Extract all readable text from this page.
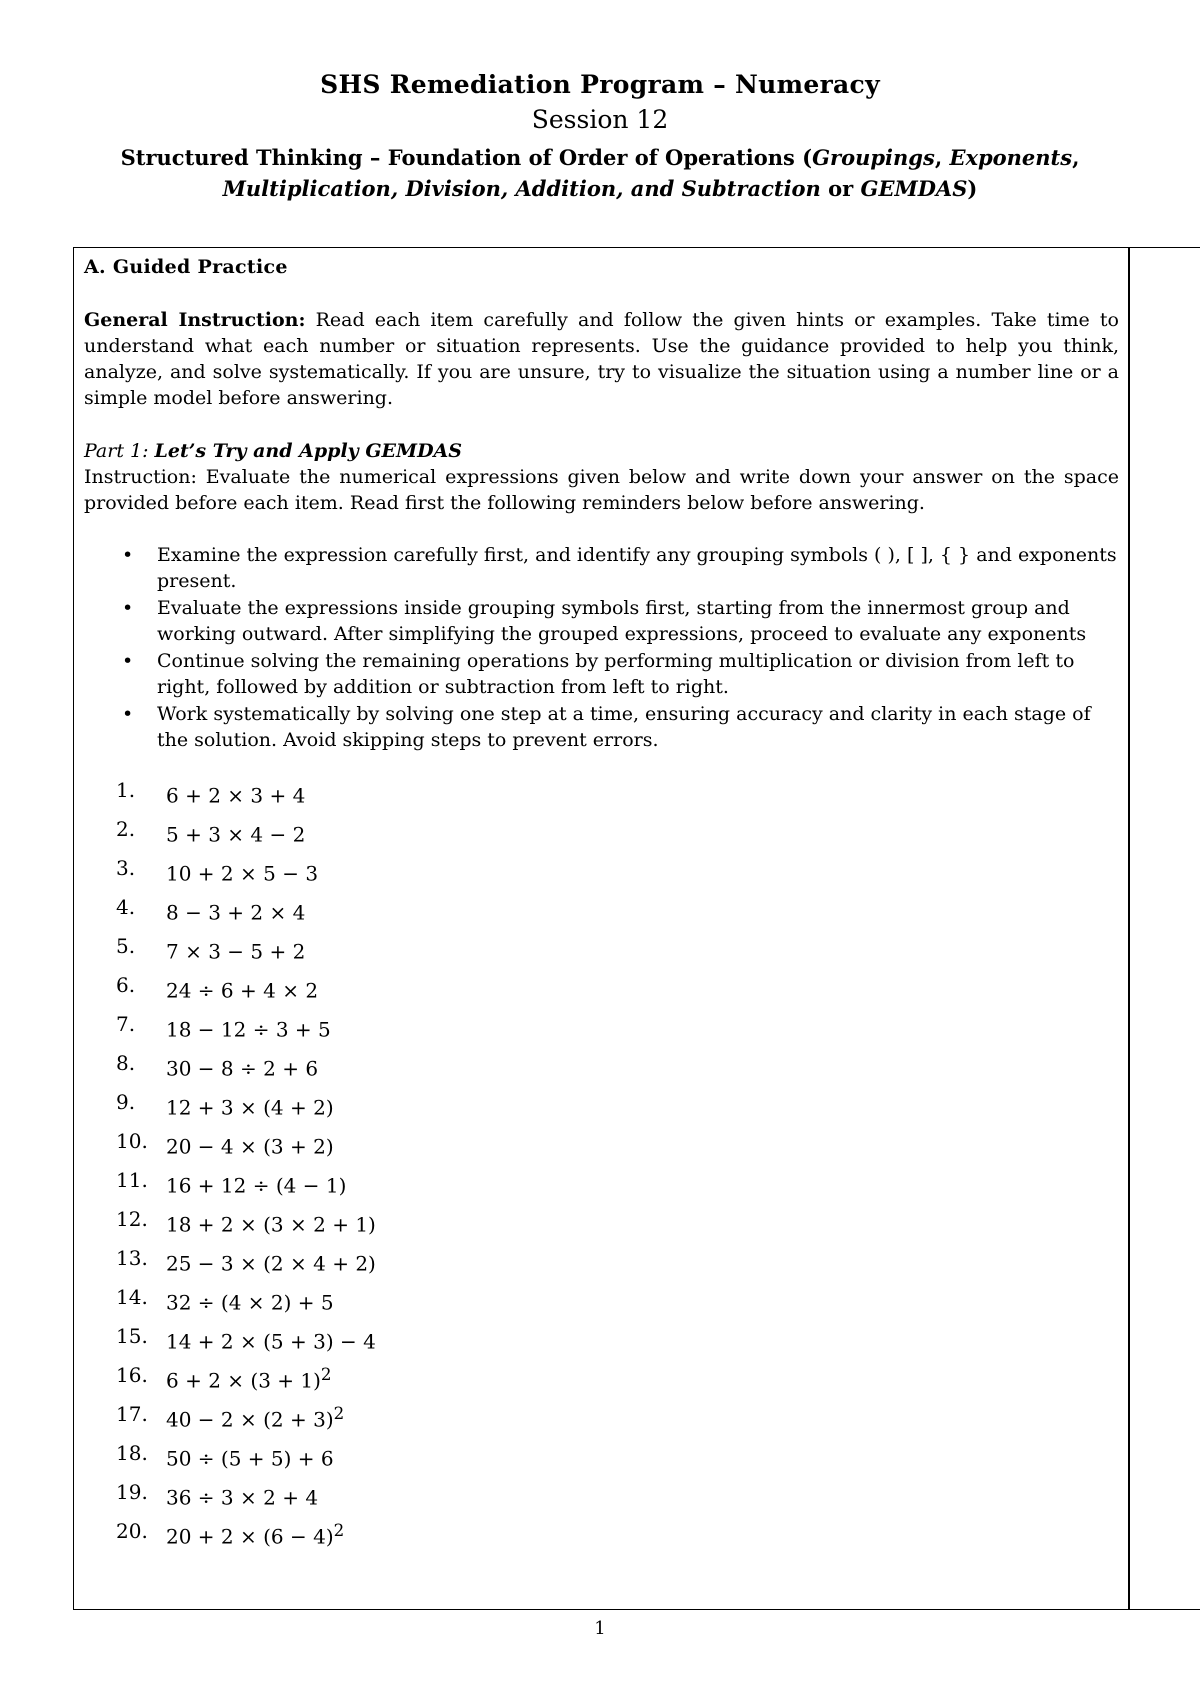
SHS Remediation Program – Numeracy
Session 12
Structured Thinking – Foundation of Order of Operations (Groupings, Exponents,
Multiplication, Division, Addition, and Subtraction or GEMDAS)
A. Guided Practice
General Instruction: Read each item carefully and follow the given hints or examples. Take time to understand what each number or situation represents. Use the guidance provided to help you think, analyze, and solve systematically. If you are unsure, try to visualize the situation using a number line or a simple model before answering.
Part 1: Let’s Try and Apply GEMDAS
Instruction: Evaluate the numerical expressions given below and write down your answer on the space provided before each item. Read first the following reminders below before answering.
• Examine the expression carefully first, and identify any grouping symbols ( ), [ ], { } and exponents present.
• Evaluate the expressions inside grouping symbols first, starting from the innermost group and working outward. After simplifying the grouped expressions, proceed to evaluate any exponents
• Continue solving the remaining operations by performing multiplication or division from left to right, followed by addition or subtraction from left to right.
• Work systematically by solving one step at a time, ensuring accuracy and clarity in each stage of the solution. Avoid skipping steps to prevent errors.
1.	6 + 2 × 3 + 4
2.	5 + 3 × 4 − 2
3.	10 + 2 × 5 − 3
4.	8 − 3 + 2 × 4
5.	7 × 3 − 5 + 2
6.	24 ÷ 6 + 4 × 2
7.	18 − 12 ÷ 3 + 5
8.	30 − 8 ÷ 2 + 6
9.	12 + 3 × (4 + 2)
10. 20 − 4 × (3 + 2)
11. 16 + 12 ÷ (4 − 1)
12. 18 + 2 × (3 × 2 + 1)
13. 25 − 3 × (2 × 4 + 2)
14. 32 ÷ (4 × 2) + 5
15. 14 + 2 × (5 + 3) − 4
16. $6 + 2 \times (3 + 1)^2$
17. $40 - 2 \times (2 + 3)^2$
18. 50 ÷ (5 + 5) + 6
19. 36 ÷ 3 × 2 + 4
20. $20 + 2 \times (6 - 4)^2$
1
